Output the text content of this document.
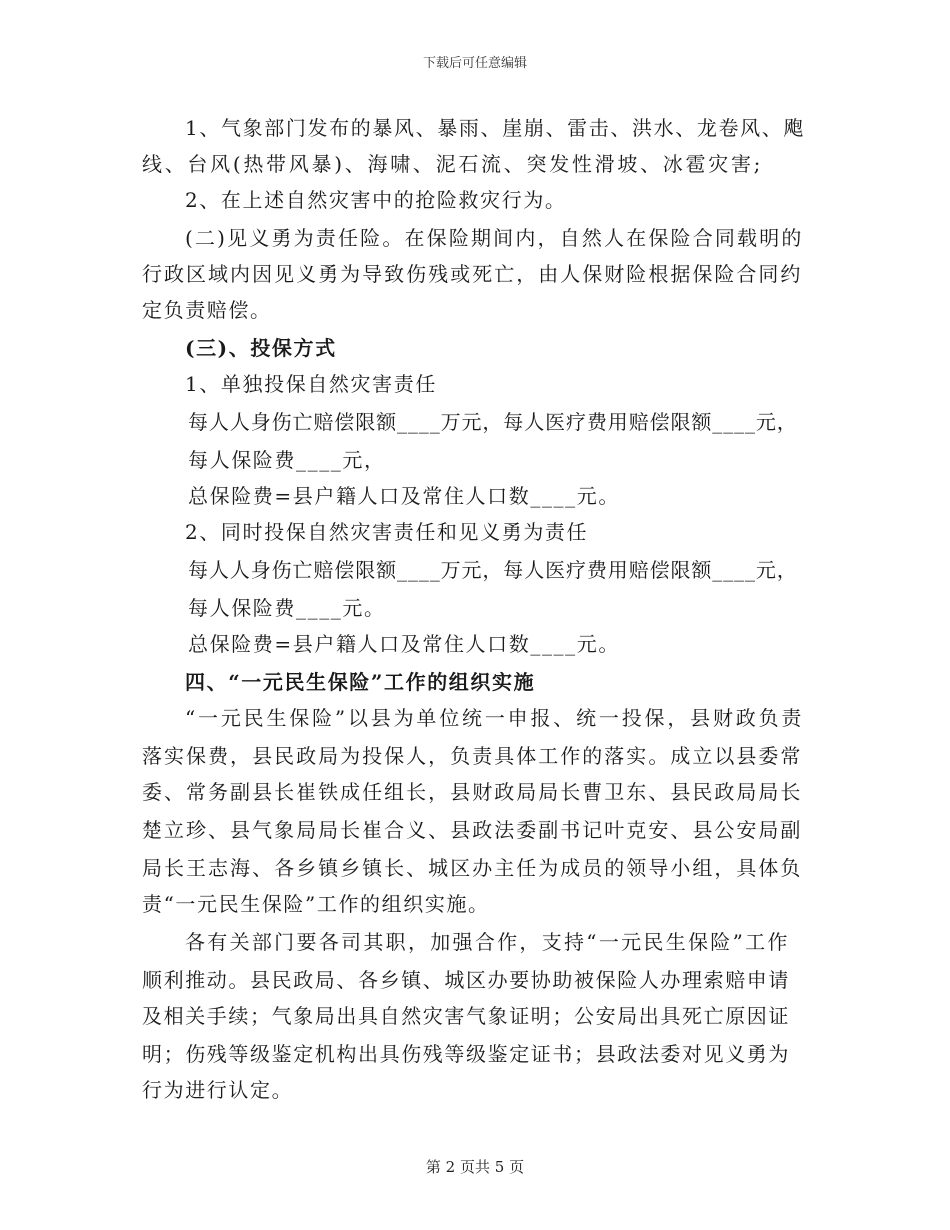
下载后可任意编辑
1、气象部门发布的暴风、暴雨、崖崩、雷击、洪水、龙卷风、飑
线、台风(热带风暴)、海啸、泥石流、突发性滑坡、冰雹灾害;
2、在上述自然灾害中的抢险救灾行为。
(二)见义勇为责任险。在保险期间内，自然人在保险合同载明的
行政区域内因见义勇为导致伤残或死亡，由人保财险根据保险合同约
定负责赔偿。
(三)、投保方式
1、单独投保自然灾害责任
每人人身伤亡赔偿限额____万元，每人医疗费用赔偿限额____元，
每人保险费____元，
总保险费=县户籍人口及常住人口数____元。
2、同时投保自然灾害责任和见义勇为责任
每人人身伤亡赔偿限额____万元，每人医疗费用赔偿限额____元，
每人保险费____元。
总保险费=县户籍人口及常住人口数____元。
四、“一元民生保险”工作的组织实施
“一元民生保险”以县为单位统一申报、统一投保，县财政负责
落实保费，县民政局为投保人，负责具体工作的落实。成立以县委常
委、常务副县长崔铁成任组长，县财政局局长曹卫东、县民政局局长
楚立珍、县气象局局长崔合义、县政法委副书记叶克安、县公安局副
局长王志海、各乡镇乡镇长、城区办主任为成员的领导小组，具体负
责“一元民生保险”工作的组织实施。
各有关部门要各司其职，加强合作，支持“一元民生保险”工作
顺利推动。县民政局、各乡镇、城区办要协助被保险人办理索赔申请
及相关手续；气象局出具自然灾害气象证明；公安局出具死亡原因证
明；伤残等级鉴定机构出具伤残等级鉴定证书；县政法委对见义勇为
行为进行认定。
第 2 页共 5 页
